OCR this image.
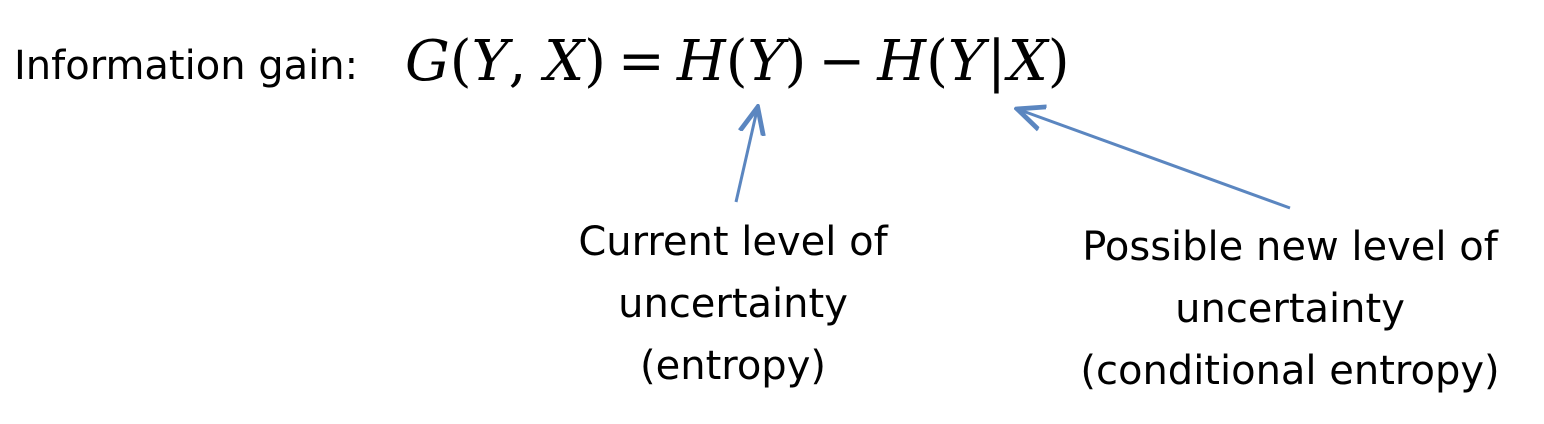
Information gain: G(Y, X) = H(Y) − H(Y|X)
Current level of
uncertainty
(entropy)
Possible new level of
uncertainty
(conditional entropy)
